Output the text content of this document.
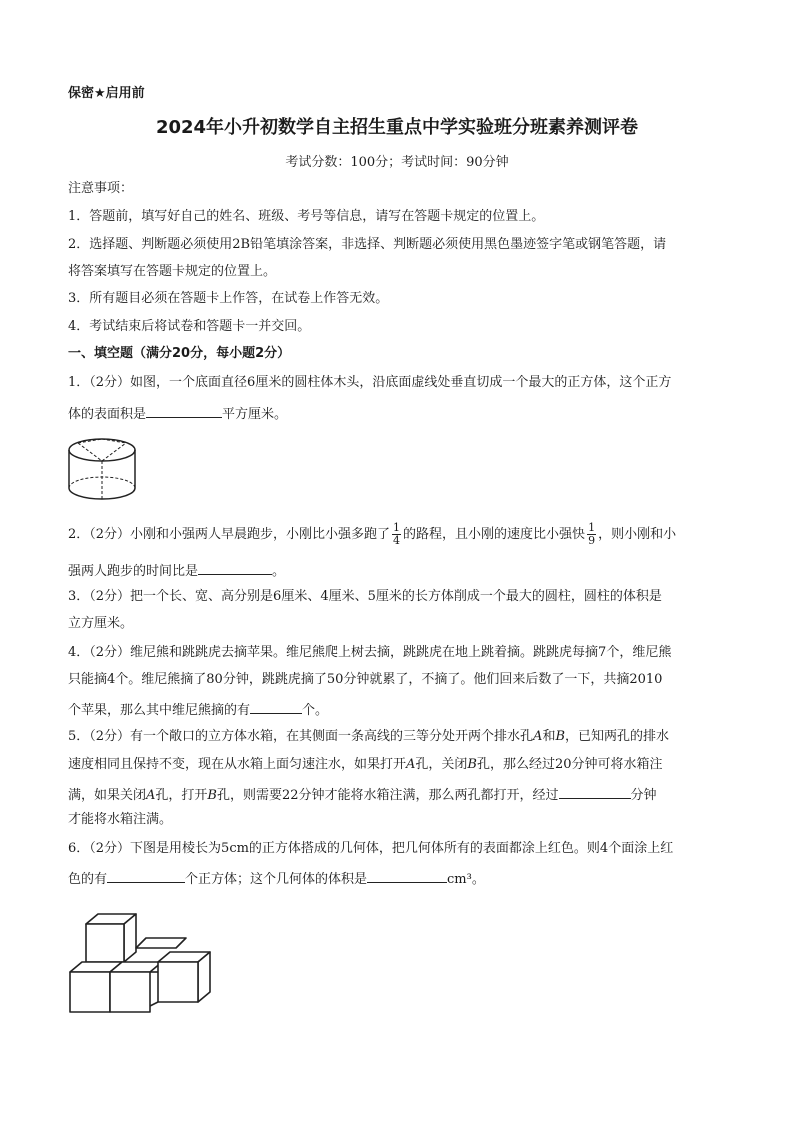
保密★启用前
2024年小升初数学自主招生重点中学实验班分班素养测评卷
考试分数：100分；考试时间：90分钟
注意事项：
1．答题前，填写好自己的姓名、班级、考号等信息，请写在答题卡规定的位置上。
2．选择题、判断题必须使用2B铅笔填涂答案，非选择、判断题必须使用黑色墨迹签字笔或钢笔答题，请
将答案填写在答题卡规定的位置上。
3．所有题目必须在答题卡上作答，在试卷上作答无效。
4．考试结束后将试卷和答题卡一并交回。
一、填空题（满分20分，每小题2分）
1．（2分）如图，一个底面直径6厘米的圆柱体木头，沿底面虚线处垂直切成一个最大的正方体，这个正方
体的表面积是	平方厘米。
2．（2分）小刚和小强两人早晨跑步，小刚比小强多跑了 $\frac{1}{4}$ 的路程，且小刚的速度比小强快 $\frac{1}{9}$ ，则小刚和小
强两人跑步的时间比是	。
3．（2分）把一个长、宽、高分别是6厘米、4厘米、5厘米的长方体削成一个最大的圆柱，圆柱的体积是
立方厘米。
4．（2分）维尼熊和跳跳虎去摘苹果。维尼熊爬上树去摘，跳跳虎在地上跳着摘。跳跳虎每摘7个，维尼熊
只能摘4个。维尼熊摘了80分钟，跳跳虎摘了50分钟就累了，不摘了。他们回来后数了一下，共摘2010
个苹果，那么其中维尼熊摘的有	个。
5．（2分）有一个敞口的立方体水箱，在其侧面一条高线的三等分处开两个排水孔A和B，已知两孔的排水
速度相同且保持不变，现在从水箱上面匀速注水，如果打开A孔，关闭B孔，那么经过20分钟可将水箱注
满，如果关闭A孔，打开B孔，则需要22分钟才能将水箱注满，那么两孔都打开，经过	分钟
才能将水箱注满。
6．（2分）下图是用棱长为5cm的正方体搭成的几何体，把几何体所有的表面都涂上红色。则4个面涂上红
色的有	个正方体；这个几何体的体积是	cm³。
